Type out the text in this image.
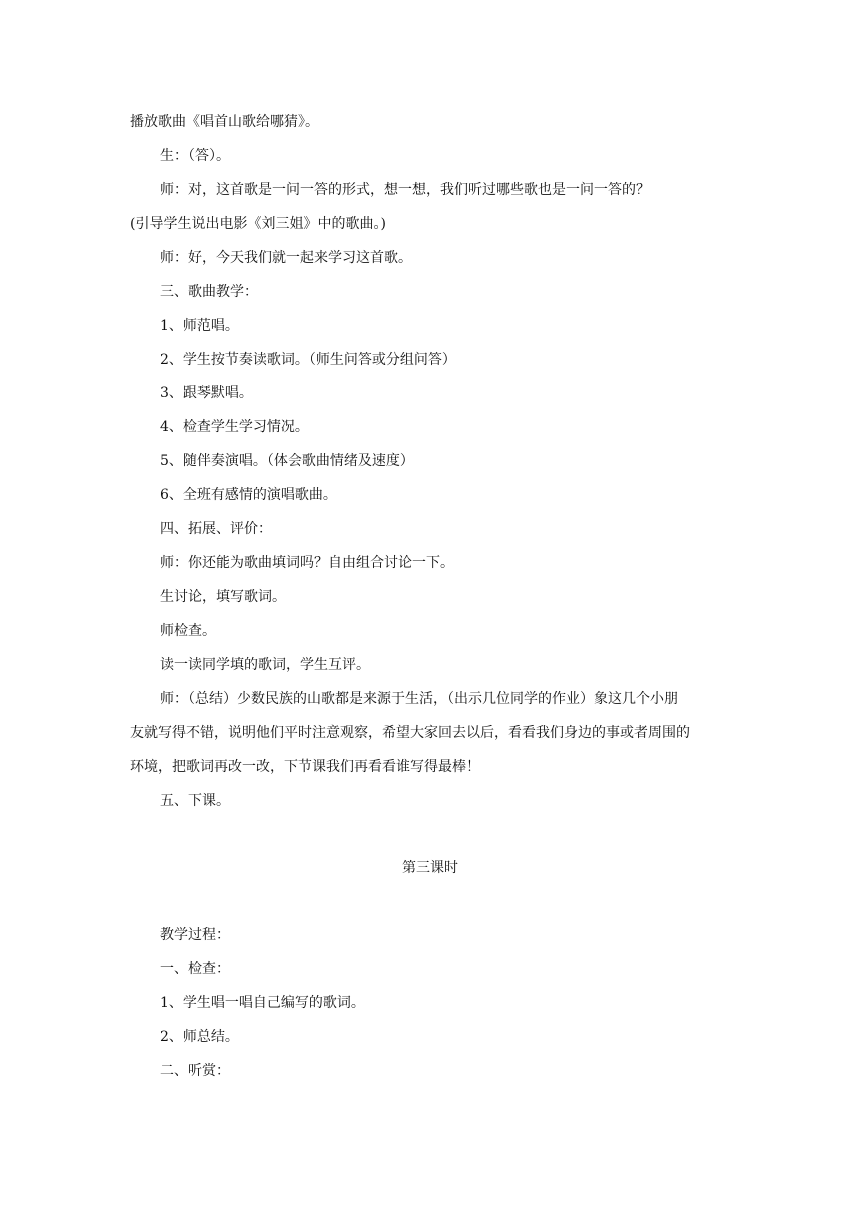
播放歌曲《唱首山歌给哪猜》。
生：（答）。
师：对，这首歌是一问一答的形式，想一想，我们听过哪些歌也是一问一答的？
(引导学生说出电影《刘三姐》中的歌曲。)
师：好，今天我们就一起来学习这首歌。
三、歌曲教学：
1、师范唱。
2、学生按节奏读歌词。（师生问答或分组问答）
3、跟琴默唱。
4、检查学生学习情况。
5、随伴奏演唱。（体会歌曲情绪及速度）
6、全班有感情的演唱歌曲。
四、拓展、评价：
师：你还能为歌曲填词吗？自由组合讨论一下。
生讨论，填写歌词。
师检查。
读一读同学填的歌词，学生互评。
师：（总结）少数民族的山歌都是来源于生活，（出示几位同学的作业）象这几个小朋
友就写得不错，说明他们平时注意观察，希望大家回去以后，看看我们身边的事或者周围的
环境，把歌词再改一改，下节课我们再看看谁写得最棒！
五、下课。
第三课时
教学过程：
一、检查：
1、学生唱一唱自己编写的歌词。
2、师总结。
二、听赏：
